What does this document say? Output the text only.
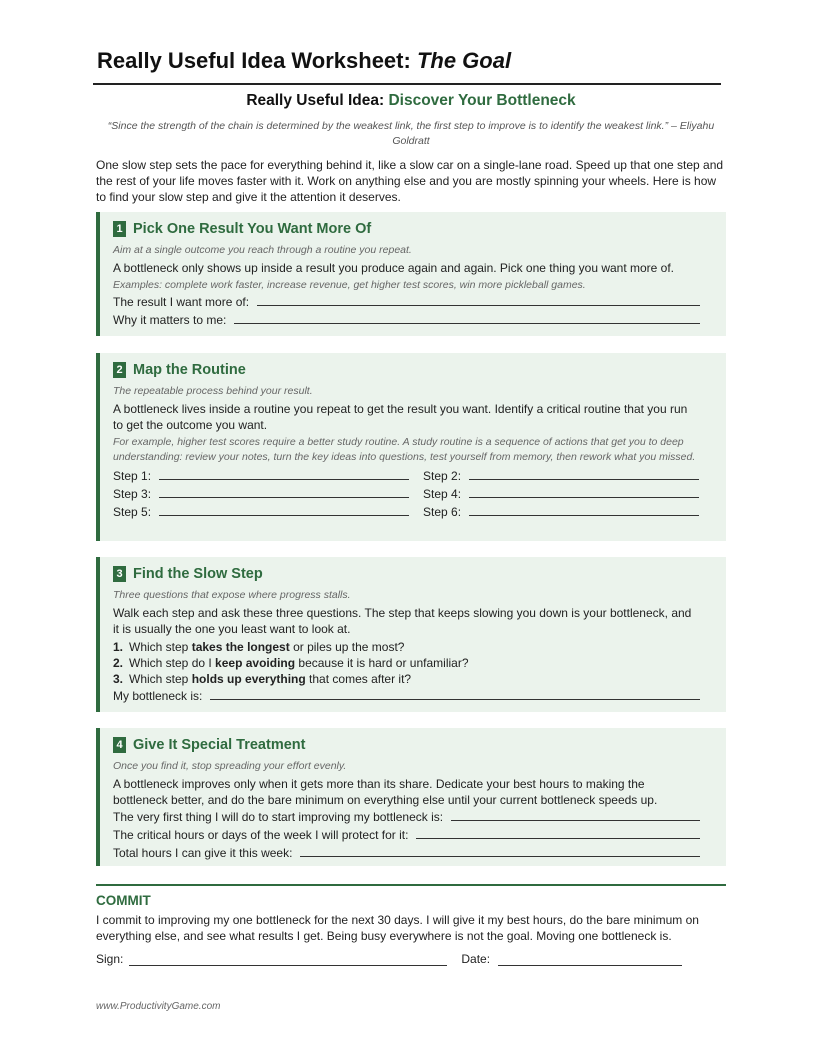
Really Useful Idea Worksheet: The Goal
Really Useful Idea: Discover Your Bottleneck
“Since the strength of the chain is determined by the weakest link, the first step to improve is to identify the weakest link.” – Eliyahu Goldratt
One slow step sets the pace for everything behind it, like a slow car on a single-lane road. Speed up that one step and the rest of your life moves faster with it. Work on anything else and you are mostly spinning your wheels. Here is how to find your slow step and give it the attention it deserves.
1 Pick One Result You Want More Of
Aim at a single outcome you reach through a routine you repeat.
A bottleneck only shows up inside a result you produce again and again. Pick one thing you want more of.
Examples: complete work faster, increase revenue, get higher test scores, win more pickleball games.
The result I want more of:
Why it matters to me:
2 Map the Routine
The repeatable process behind your result.
A bottleneck lives inside a routine you repeat to get the result you want. Identify a critical routine that you run to get the outcome you want.
For example, higher test scores require a better study routine. A study routine is a sequence of actions that get you to deep understanding: review your notes, turn the key ideas into questions, test yourself from memory, then rework what you missed.
Step 1:	Step 2:
Step 3:	Step 4:
Step 5:	Step 6:
3 Find the Slow Step
Three questions that expose where progress stalls.
Walk each step and ask these three questions. The step that keeps slowing you down is your bottleneck, and it is usually the one you least want to look at.
1. Which step takes the longest or piles up the most?
2. Which step do I keep avoiding because it is hard or unfamiliar?
3. Which step holds up everything that comes after it?
My bottleneck is:
4 Give It Special Treatment
Once you find it, stop spreading your effort evenly.
A bottleneck improves only when it gets more than its share. Dedicate your best hours to making the bottleneck better, and do the bare minimum on everything else until your current bottleneck speeds up.
The very first thing I will do to start improving my bottleneck is:
The critical hours or days of the week I will protect for it:
Total hours I can give it this week:
COMMIT
I commit to improving my one bottleneck for the next 30 days. I will give it my best hours, do the bare minimum on everything else, and see what results I get. Being busy everywhere is not the goal. Moving one bottleneck is.
Sign:	Date:
www.ProductivityGame.com
